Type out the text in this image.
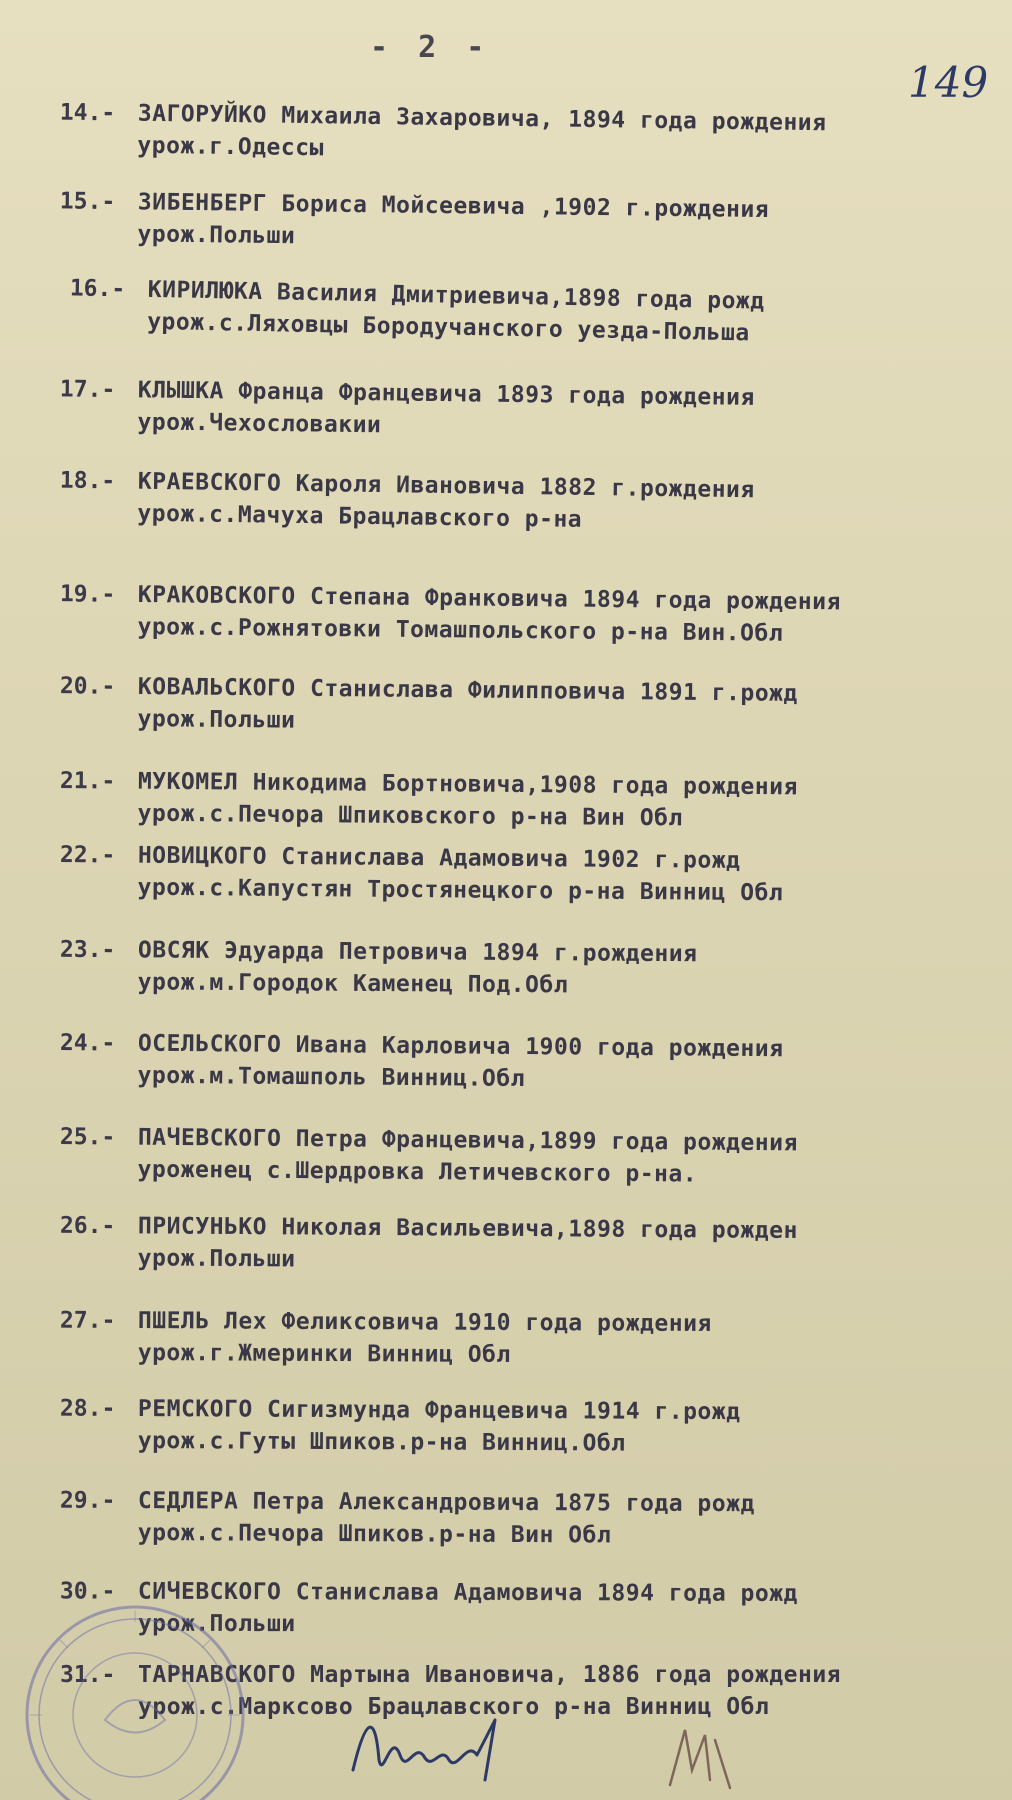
- 2 -
149
14.- ЗАГОРУЙКО Михаила Захаровича, 1894 года рождения
урож.г.Одессы
15.- ЗИБЕНБЕРГ Бориса Мойсеевича ,1902 г.рождения
урож.Польши
16.- КИРИЛЮКА Василия Дмитриевича,1898 года рожд
урож.с.Ляховцы Бородучанского уезда-Польша
17.- КЛЫШКА Франца Францевича 1893 года рождения
урож.Чехословакии
18.- КРАЕВСКОГО Кароля Ивановича 1882 г.рождения
урож.с.Мачуха Брацлавского р-на
19.- КРАКОВСКОГО Степана Франковича 1894 года рождения
урож.с.Рожнятовки Томашпольского р-на Вин.Обл
20.- КОВАЛЬСКОГО Станислава Филипповича 1891 г.рожд
урож.Польши
21.- МУКОМЕЛ Никодима Бортновича,1908 года рождения
урож.с.Печора Шпиковского р-на Вин Обл
22.- НОВИЦКОГО Станислава Адамовича 1902 г.рожд
урож.с.Капустян Тростянецкого р-на Винниц Обл
23.- ОВСЯК Эдуарда Петровича 1894 г.рождения
урож.м.Городок Каменец Под.Обл
24.- ОСЕЛЬСКОГО Ивана Карловича 1900 года рождения
урож.м.Томашполь Винниц.Обл
25.- ПАЧЕВСКОГО Петра Францевича,1899 года рождения
уроженец с.Шердровка Летичевского р-на.
26.- ПРИСУНЬКО Николая Васильевича,1898 года рожден
урож.Польши
27.- ПШЕЛЬ Лех Феликсовича 1910 года рождения
урож.г.Жмеринки Винниц Обл
28.- РЕМСКОГО Сигизмунда Францевича 1914 г.рожд
урож.с.Гуты Шпиков.р-на Винниц.Обл
29.- СЕДЛЕРА Петра Александровича 1875 года рожд
урож.с.Печора Шпиков.р-на Вин Обл
30.- СИЧЕВСКОГО Станислава Адамовича 1894 года рожд
урож.Польши
31.- ТАРНАВСКОГО Мартына Ивановича, 1886 года рождения
урож.с.Марксово Брацлавского р-на Винниц Обл
